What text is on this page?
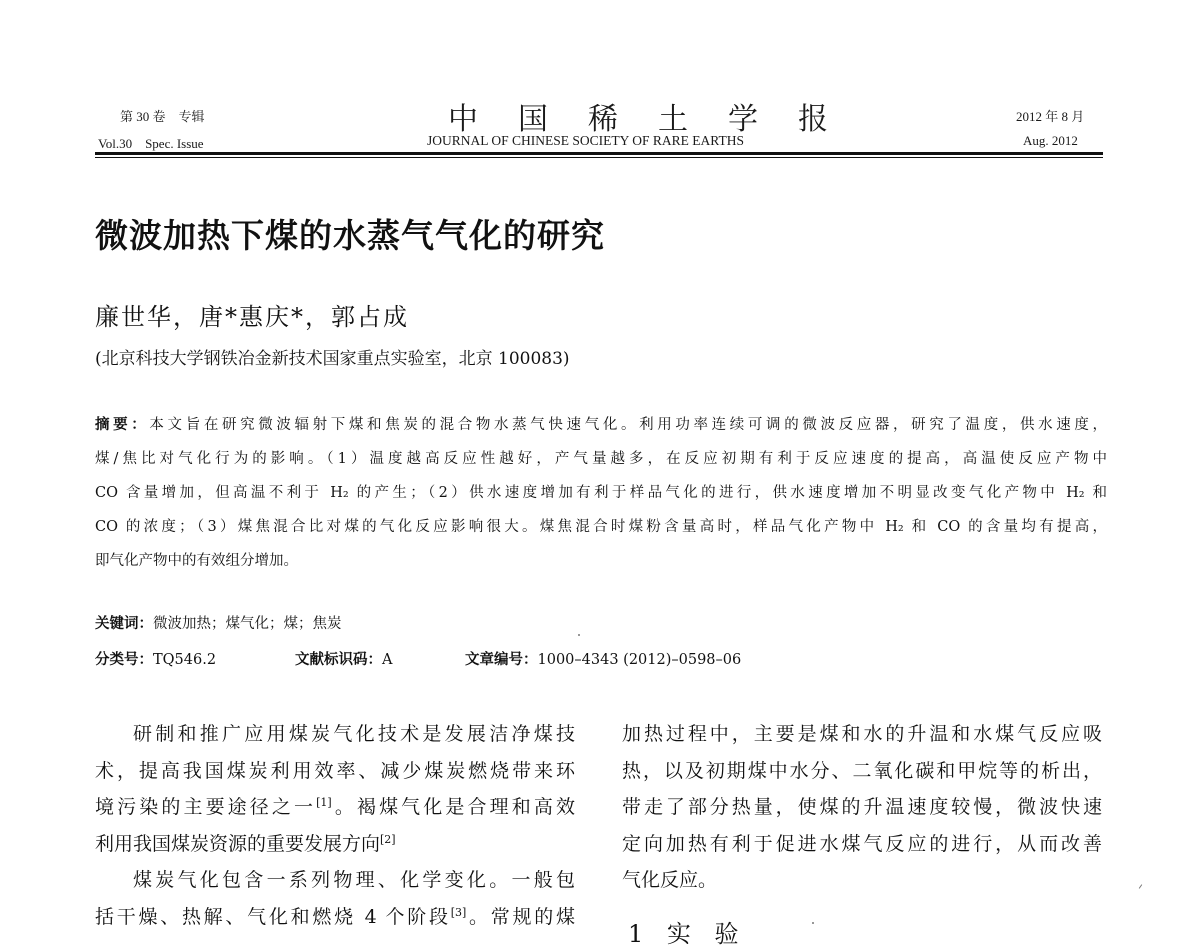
第 30 卷　专辑
Vol.30　Spec. Issue
中国稀土学报
JOURNAL OF CHINESE SOCIETY OF RARE EARTHS
2012 年 8 月
Aug. 2012
微波加热下煤的水蒸气气化的研究
廉世华，唐*惠庆*，郭占成
(北京科技大学钢铁冶金新技术国家重点实验室，北京 100083)
摘要：本文旨在研究微波辐射下煤和焦炭的混合物水蒸气快速气化。利用功率连续可调的微波反应器，研究了温度，供水速度，
煤/焦比对气化行为的影响。（1）温度越高反应性越好，产气量越多，在反应初期有利于反应速度的提高，高温使反应产物中
CO 含量增加，但高温不利于 H₂ 的产生；（2）供水速度增加有利于样品气化的进行，供水速度增加不明显改变气化产物中 H₂ 和
CO 的浓度；（3）煤焦混合比对煤的气化反应影响很大。煤焦混合时煤粉含量高时，样品气化产物中 H₂ 和 CO 的含量均有提高，
即气化产物中的有效组分增加。
关键词：微波加热；煤气化；煤；焦炭
分类号：TQ546.2	文献标识码：A	文章编号：1000–4343 (2012)–0598–06
研制和推广应用煤炭气化技术是发展洁净煤技
术，提高我国煤炭利用效率、减少煤炭燃烧带来环
境污染的主要途径之一[1]。褐煤气化是合理和高效
利用我国煤炭资源的重要发展方向[2]
煤炭气化包含一系列物理、化学变化。一般包
括干燥、热解、气化和燃烧 4 个阶段[3]。常规的煤
加热过程中，主要是煤和水的升温和水煤气反应吸
热，以及初期煤中水分、二氧化碳和甲烷等的析出，
带走了部分热量，使煤的升温速度较慢，微波快速
定向加热有利于促进水煤气反应的进行，从而改善
气化反应。
1 实 验
